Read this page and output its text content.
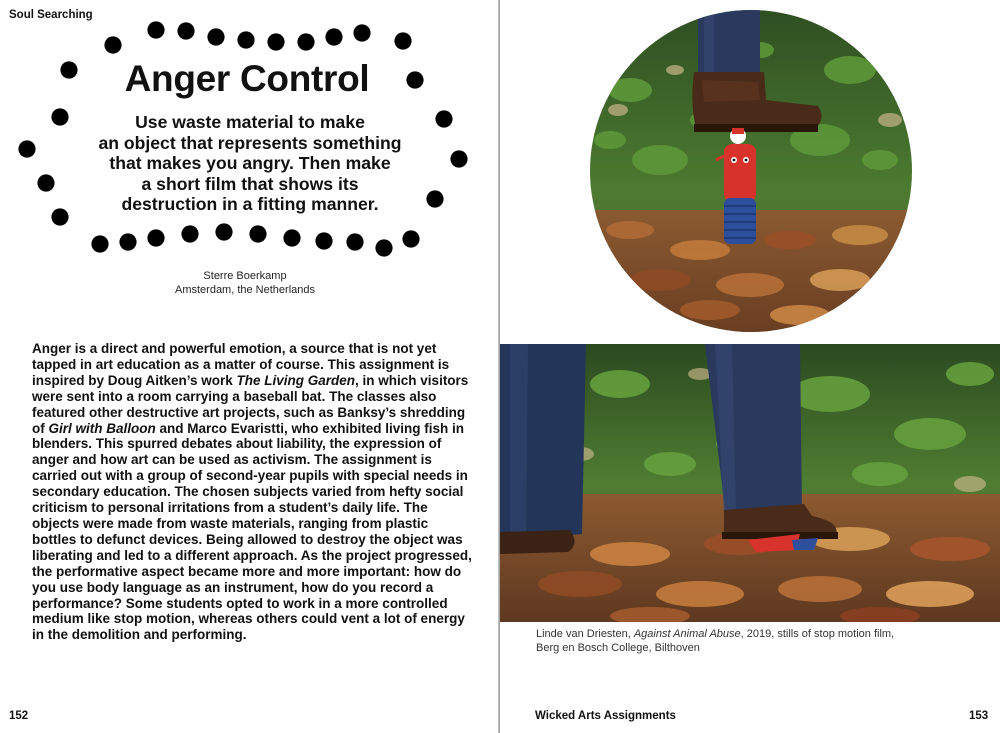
Soul Searching
Anger Control
Use waste material to make
an object that represents something
that makes you angry. Then make
a short film that shows its
destruction in a fitting manner.
Sterre Boerkamp
Amsterdam, the Netherlands

Anger is a direct and powerful emotion, a source that is not yet tapped in art education as a matter of course. This assignment is inspired by Doug Aitken’s work The Living Garden, in which visitors were sent into a room carrying a baseball bat. The classes also featured other destructive art projects, such as Banksy’s shredding of Girl with Balloon and Marco Evaristti, who exhibited living fish in blenders. This spurred debates about liability, the expression of anger and how art can be used as activism. The assignment is carried out with a group of second-year pupils with special needs in secondary education. The chosen subjects varied from hefty social criticism to personal irritations from a student’s daily life. The objects were made from waste materials, ranging from plastic bottles to defunct devices. Being allowed to destroy the object was liberating and led to a different approach. As the project progressed, the performative aspect became more and more important: how do you use body language as an instrument, how do you record a performance? Some students opted to work in a more controlled medium like stop motion, whereas others could vent a lot of energy in the demolition and performing.

152
Linde van Driesten, Against Animal Abuse, 2019, stills of stop motion film,
Berg en Bosch College, Bilthoven
Wicked Arts Assignments	153
